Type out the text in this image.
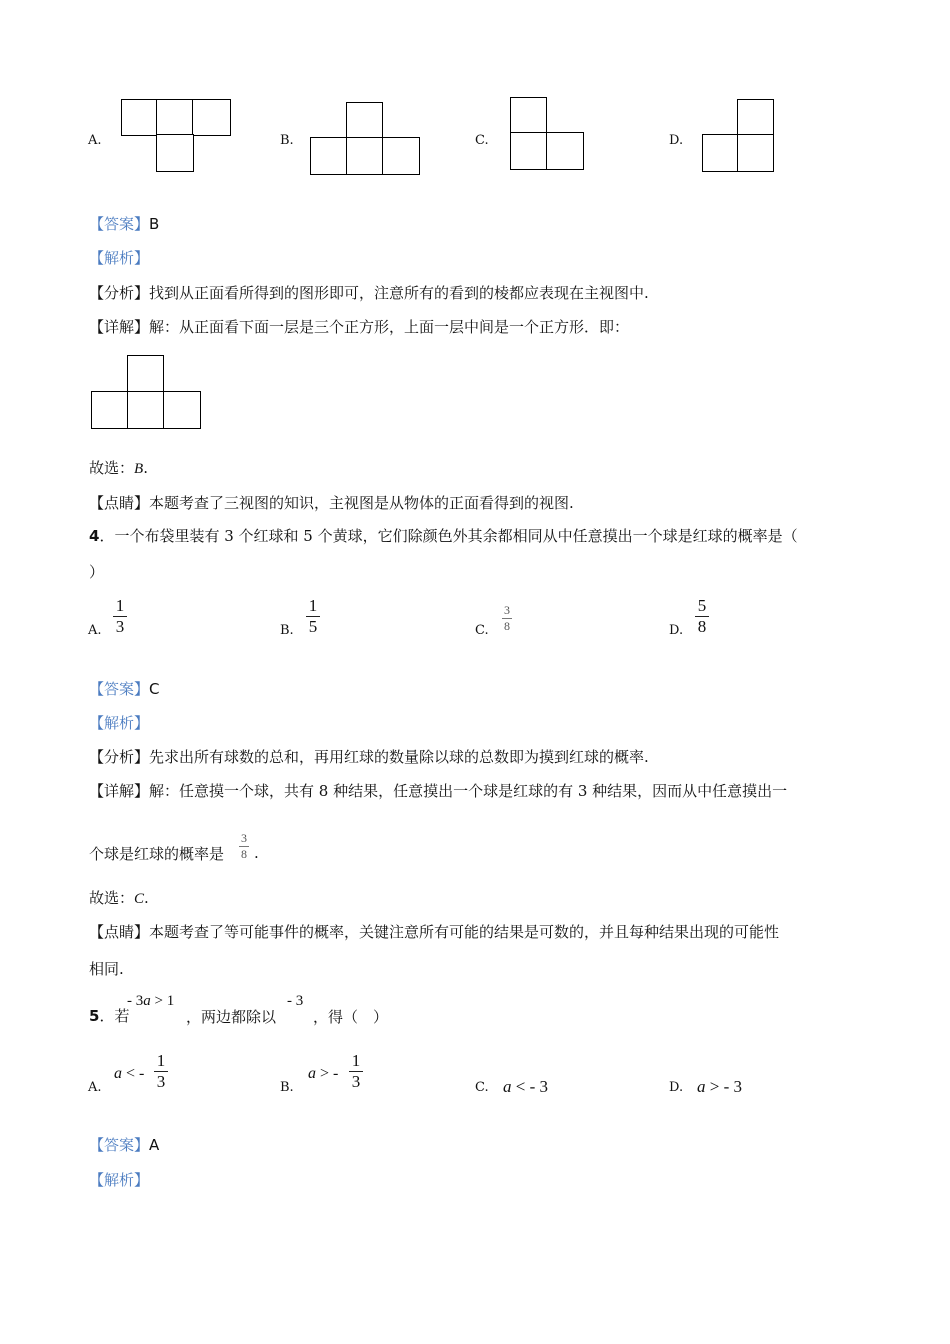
A.	B.	C.	D.
【答案】B
【解析】
【分析】找到从正面看所得到的图形即可，注意所有的看到的棱都应表现在主视图中.
【详解】解：从正面看下面一层是三个正方形，上面一层中间是一个正方形．即：
故选：B.
【点睛】本题考查了三视图的知识，主视图是从物体的正面看得到的视图.
4．一个布袋里装有 3 个红球和 5 个黄球，它们除颜色外其余都相同从中任意摸出一个球是红球的概率是（
）
A.
1
3	B.
1
5	C.
3
8	D.
5
8
【答案】C
【解析】
【分析】先求出所有球数的总和，再用红球的数量除以球的总数即为摸到红球的概率.
【详解】解：任意摸一个球，共有 8 种结果，任意摸出一个球是红球的有 3 种结果，因而从中任意摸出一
个球是红球的概率是
3
8 .
故选：C.
【点睛】本题考查了等可能事件的概率，关键注意所有可能的结果是可数的，并且每种结果出现的可能性
相同.
5．若
- 3a > 1
，两边都除以
- 3
，得（　）
A.
a < -
1
3	B.
a > -
1
3	C. a < - 3	D. a > - 3
【答案】A
【解析】
